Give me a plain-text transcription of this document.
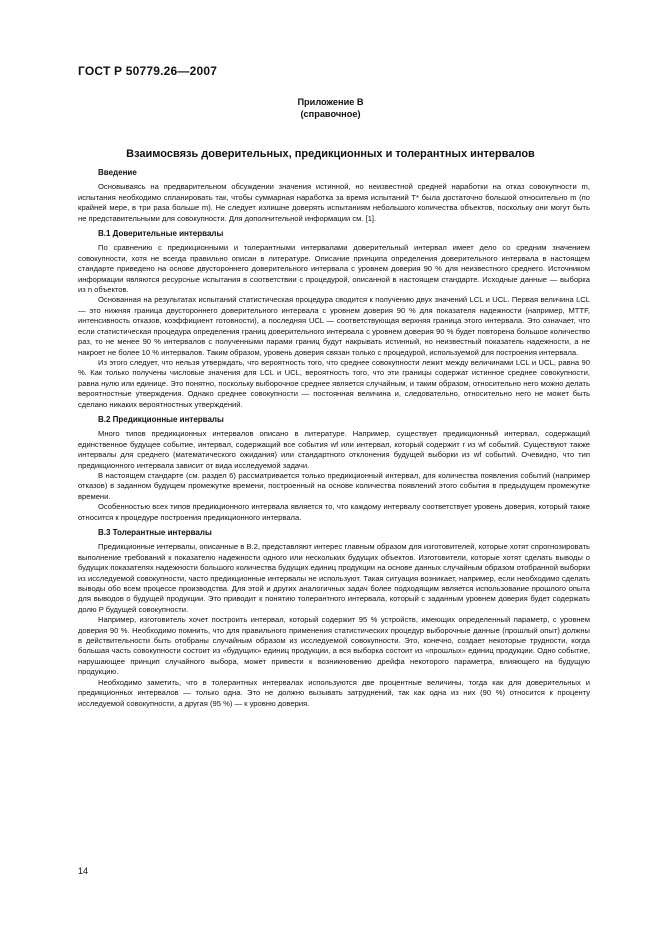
ГОСТ Р 50779.26—2007
Приложение В
(справочное)
Взаимосвязь доверительных, предикционных и толерантных интервалов
Введение

Основываясь на предварительном обсуждении значения истинной, но неизвестной средней наработки на отказ совокупности m, испытания необходимо спланировать так, чтобы суммарная наработка за время испытаний T* была достаточно большой относительно m (по крайней мере, в три раза больше m). Не следует излишне доверять испытаниям небольшого количества объектов, поскольку они могут быть не представительными для совокупности. Для дополнительной информации см. [1].

В.1 Доверительные интервалы

По сравнению с предикционными и толерантными интервалами доверительный интервал имеет дело со средним значением совокупности, хотя не всегда правильно описан в литературе. Описание принципа определения доверительного интервала в настоящем стандарте приведено на основе двустороннего доверительного интервала с уровнем доверия 90 % для неизвестного среднего. Источником информации являются ресурсные испытания в соответствии с процедурой, описанной в настоящем стандарте. Исходные данные — выборка из n объектов.

Основанная на результатах испытаний статистическая процедура сводится к получению двух значений LCL и UCL. Первая величина LCL — это нижняя граница двустороннего доверительного интервала с уровнем доверия 90 % для показателя надежности (например, MTTF, интенсивность отказов, коэффициент готовности), а последняя UCL — соответствующая верхняя граница этого интервала. Это означает, что если статистическая процедура определения границ доверительного интервала с уровнем доверия 90 % будет повторена большое количество раз, то не менее 90 % интервалов с полученными парами границ будут накрывать истинный, но неизвестный показатель надежности, а не накроет не более 10 % интервалов. Таким образом, уровень доверия связан только с процедурой, используемой для построения интервала.

Из этого следует, что нельзя утверждать, что вероятность того, что среднее совокупности лежит между величинами LCL и UCL, равна 90 %. Как только получены числовые значения для LCL и UCL, вероятность того, что эти границы содержат истинное среднее совокупности, равна нулю или единице. Это понятно, поскольку выборочное среднее является случайным, и таким образом, относительно него можно делать вероятностные утверждения. Однако среднее совокупности — постоянная величина и, следовательно, относительно него не может быть сделано никаких вероятностных утверждений.

В.2 Предикционные интервалы

Много типов предикционных интервалов описано в литературе. Например, существует предикционный интервал, содержащий единственное будущее событие, интервал, содержащий все события wf или интервал, который содержит r из wf событий. Существуют также интервалы для среднего (математического ожидания) или стандартного отклонения будущей выборки из wf событий. Очевидно, что тип предикционного интервала зависит от вида исследуемой задачи.

В настоящем стандарте (см. раздел 6) рассматривается только предикционный интервал, для количества появления событий (например отказов) в заданном будущем промежутке времени, построенный на основе количества появлений этого события в предыдущем промежутке времени.

Особенностью всех типов предикционного интервала является то, что каждому интервалу соответствует уровень доверия, который также относится к процедуре построения предикционного интервала.

В.3 Толерантные интервалы

Предикционные интервалы, описанные в В.2, представляют интерес главным образом для изготовителей, которые хотят спрогнозировать выполнение требований к показателю надежности одного или нескольких будущих объектов. Изготовители, которые хотят сделать выводы о будущих показателях надежности большого количества будущих единиц продукции на основе данных случайным образом отобранной выборки из исследуемой совокупности, часто предикционные интервалы не используют. Такая ситуация возникает, например, если необходимо сделать выводы обо всем процессе производства. Для этой и других аналогичных задач более подходящим является использование прошлого опыта для выводов о будущей продукции. Это приводит к понятию толерантного интервала, который с заданным уровнем доверия будет содержать долю P будущей совокупности.

Например, изготовитель хочет построить интервал, который содержит 95 % устройств, имеющих определенный параметр, с уровнем доверия 90 %. Необходимо помнить, что для правильного применения статистических процедур выборочные данные (прошлый опыт) должны в действительности быть отобраны случайным образом из исследуемой совокупности. Это, конечно, создает некоторые трудности, когда большая часть совокупности состоит из «будущих» единиц продукции, а вся выборка состоит из «прошлых» единиц продукции. Одно событие, нарушающее принцип случайного выбора, может привести к возникновению дрейфа некоторого параметра, влияющего на будущую продукцию.

Необходимо заметить, что в толерантных интервалах используются две процентные величины, тогда как для доверительных и предикционных интервалов — только одна. Это не должно вызывать затруднений, так как одна из них (90 %) относится к проценту исследуемой совокупности, а другая (95 %) — к уровню доверия.

14
